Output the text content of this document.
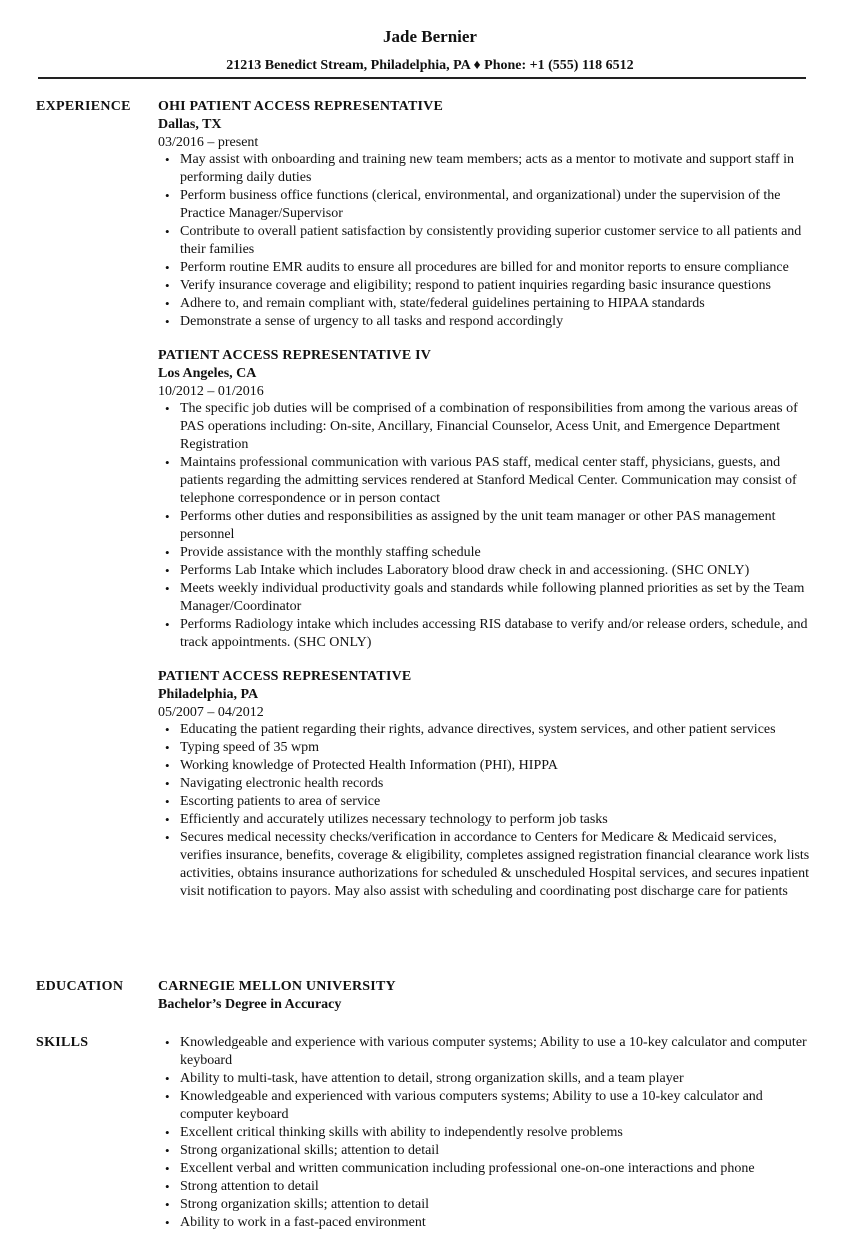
Jade Bernier
21213 Benedict Stream, Philadelphia, PA ♦ Phone: +1 (555) 118 6512
EXPERIENCE OHI PATIENT ACCESS REPRESENTATIVE
Dallas, TX
03/2016 – present
• May assist with onboarding and training new team members; acts as a mentor to motivate and support staff in performing daily duties
• Perform business office functions (clerical, environmental, and organizational) under the supervision of the Practice Manager/Supervisor
• Contribute to overall patient satisfaction by consistently providing superior customer service to all patients and their families
• Perform routine EMR audits to ensure all procedures are billed for and monitor reports to ensure compliance
• Verify insurance coverage and eligibility; respond to patient inquiries regarding basic insurance questions
• Adhere to, and remain compliant with, state/federal guidelines pertaining to HIPAA standards
• Demonstrate a sense of urgency to all tasks and respond accordingly
PATIENT ACCESS REPRESENTATIVE IV
Los Angeles, CA
10/2012 – 01/2016
• The specific job duties will be comprised of a combination of responsibilities from among the various areas of PAS operations including: On-site, Ancillary, Financial Counselor, Acess Unit, and Emergence Department Registration
• Maintains professional communication with various PAS staff, medical center staff, physicians, guests, and patients regarding the admitting services rendered at Stanford Medical Center. Communication may consist of telephone correspondence or in person contact
• Performs other duties and responsibilities as assigned by the unit team manager or other PAS management personnel
• Provide assistance with the monthly staffing schedule
• Performs Lab Intake which includes Laboratory blood draw check in and accessioning. (SHC ONLY)
• Meets weekly individual productivity goals and standards while following planned priorities as set by the Team Manager/Coordinator
• Performs Radiology intake which includes accessing RIS database to verify and/or release orders, schedule, and track appointments. (SHC ONLY)
PATIENT ACCESS REPRESENTATIVE
Philadelphia, PA
05/2007 – 04/2012
• Educating the patient regarding their rights, advance directives, system services, and other patient services
• Typing speed of 35 wpm
• Working knowledge of Protected Health Information (PHI), HIPPA
• Navigating electronic health records
• Escorting patients to area of service
• Efficiently and accurately utilizes necessary technology to perform job tasks
• Secures medical necessity checks/verification in accordance to Centers for Medicare & Medicaid services, verifies insurance, benefits, coverage & eligibility, completes assigned registration financial clearance work lists activities, obtains insurance authorizations for scheduled & unscheduled Hospital services, and secures inpatient visit notification to payors. May also assist with scheduling and coordinating post discharge care for patients
EDUCATION CARNEGIE MELLON UNIVERSITY
Bachelor’s Degree in Accuracy
SKILLS
•	Knowledgeable and experience with various computer systems; Ability to use a 10-key calculator and computer keyboard
• Ability to multi-task, have attention to detail, strong organization skills, and a team player
• Knowledgeable and experienced with various computers systems; Ability to use a 10-key calculator and computer keyboard
• Excellent critical thinking skills with ability to independently resolve problems
• Strong organizational skills; attention to detail
• Excellent verbal and written communication including professional one-on-one interactions and phone
• Strong attention to detail
• Strong organization skills; attention to detail
• Ability to work in a fast-paced environment
